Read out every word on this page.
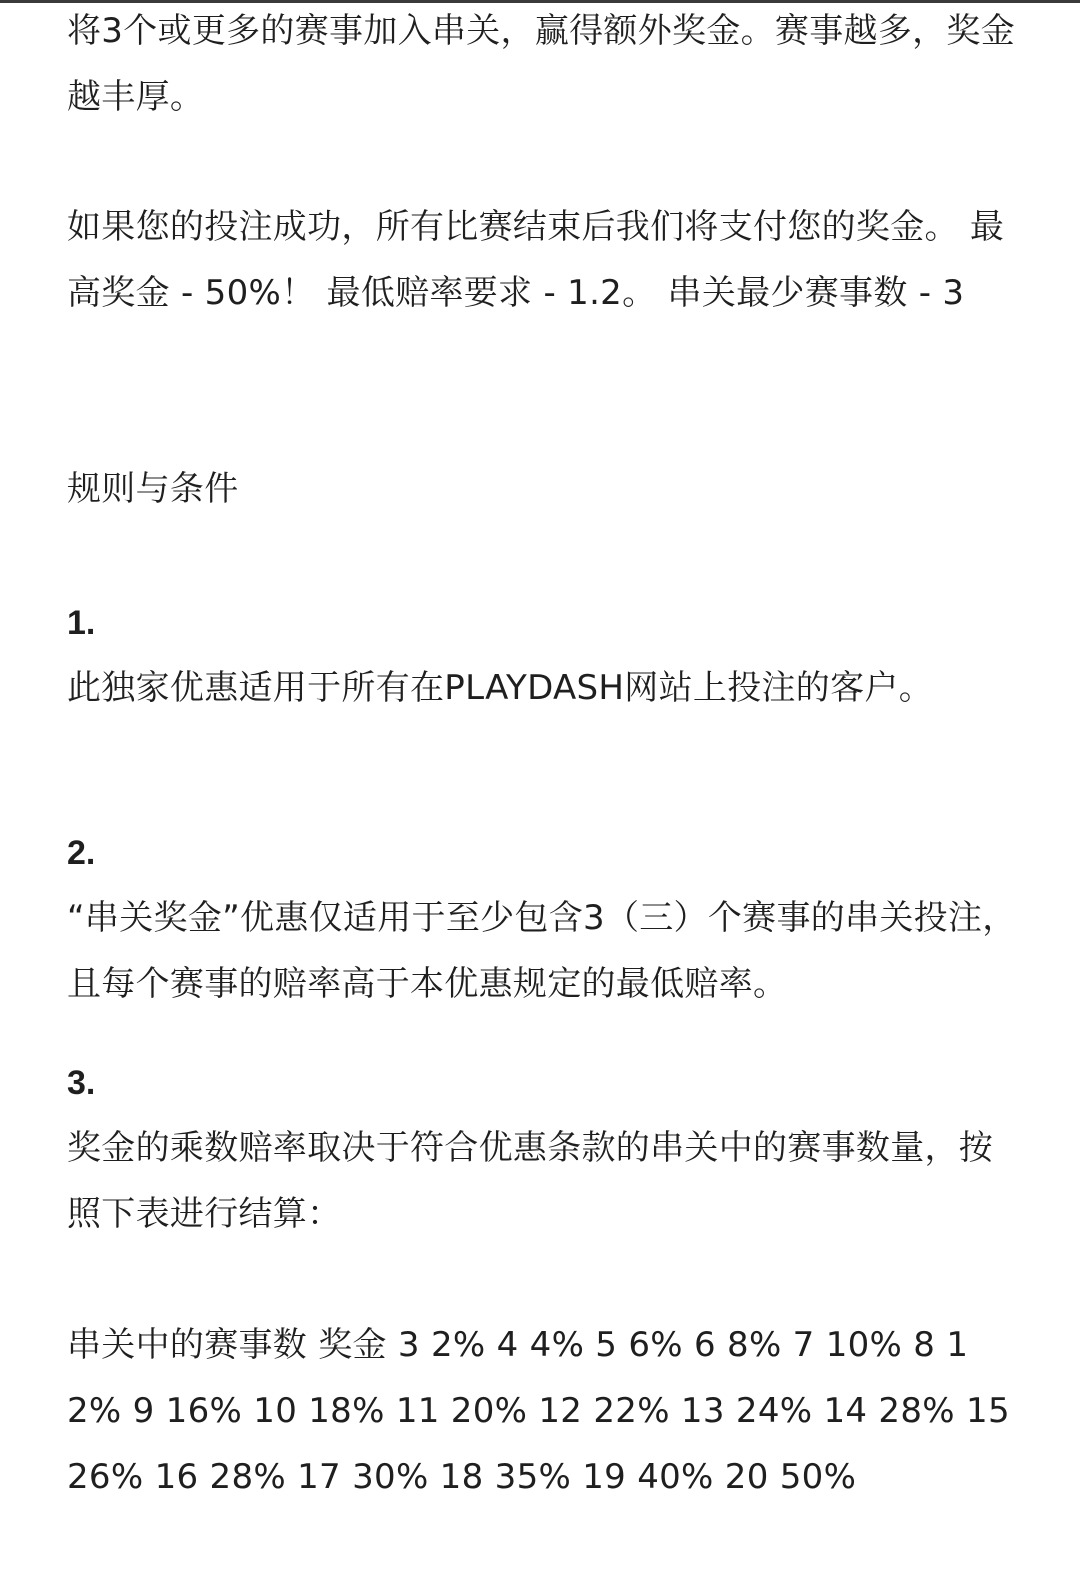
将3个或更多的赛事加入串关，赢得额外奖金。赛事越多，奖金越丰厚。

如果您的投注成功，所有比赛结束后我们将支付您的奖金。 最高奖金 - 50%！ 最低赔率要求 - 1.2。 串关最少赛事数 - 3

规则与条件

1.

此独家优惠适用于所有在PLAYDASH网站上投注的客户。

2.

“串关奖金”优惠仅适用于至少包含3（三）个赛事的串关投注，且每个赛事的赔率高于本优惠规定的最低赔率。

3.

奖金的乘数赔率取决于符合优惠条款的串关中的赛事数量，按照下表进行结算：

串关中的赛事数 奖金 3 2% 4 4% 5 6% 6 8% 7 10% 8 12% 9 16% 10 18% 11 20% 12 22% 13 24% 14 28% 15 26% 16 28% 17 30% 18 35% 19 40% 20 50%
